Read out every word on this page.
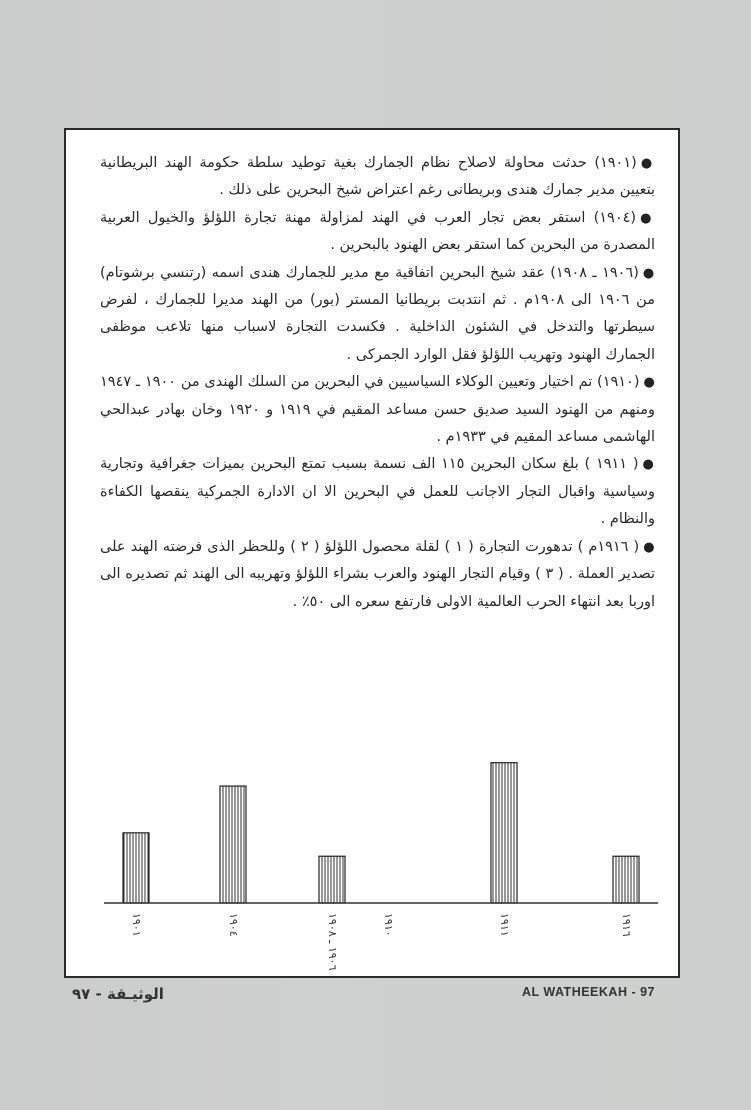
●(١٩٠١) حدثت محاولة لاصلاح نظام الجمارك بغية توطيد سلطة حكومة الهند البريطانية بتعيين مدير جمارك هندى وبريطانى رغم اعتراض شيخ البحرين على ذلك .

●(١٩٠٤) استقر بعض تجار العرب في الهند لمزاولة مهنة تجارة اللؤلؤ والخيول العربية المصدرة من البحرين كما استقر بعض الهنود بالبحرين .

●(١٩٠٦ ـ ١٩٠٨) عقد شيخ البحرين اتفاقية مع مدير للجمارك هندى اسمه (رتنسي برشوتام) من ١٩٠٦ الى ١٩٠٨م . ثم انتدبت بريطانيا المستر (بور) من الهند مديرا للجمارك ، لفرض سيطرتها والتدخل في الشئون الداخلية . فكسدت التجارة لاسباب منها تلاعب موظفى الجمارك الهنود وتهريب اللؤلؤ فقل الوارد الجمركى .

●(١٩١٠) تم اختيار وتعيين الوكلاء السياسيين في البحرين من السلك الهندى من ١٩٠٠ ـ ١٩٤٧ ومنهم من الهنود السيد صديق حسن مساعد المقيم في ١٩١٩ و ١٩٢٠ وخان بهادر عبدالحي الهاشمى مساعد المقيم في ١٩٣٣م .

●( ١٩١١ ) بلغ سكان البحرين ١١٥ الف نسمة بسبب تمتع البحرين بميزات جغرافية وتجارية وسياسية واقبال التجار الاجانب للعمل في البحرين الا ان الادارة الجمركية ينقصها الكفاءة والنظام .

●( ١٩١٦م ) تدهورت التجارة ( ١ ) لقلة محصول اللؤلؤ ( ٢ ) وللحظر الذى فرضته الهند على تصدير العملة . ( ٣ ) وقيام التجار الهنود والعرب بشراء اللؤلؤ وتهريبه الى الهند ثم تصديره الى اوربا بعد انتهاء الحرب العالمية الاولى فارتفع سعره الى ٥٠٪ .

١٩٠١	١٩٠٤	١٩٠٦ ـ ١٩٠٨
١٩١٠	١٩١١	١٩١٦
الوثيـقة - ٩٧	AL WATHEEKAH - 97
